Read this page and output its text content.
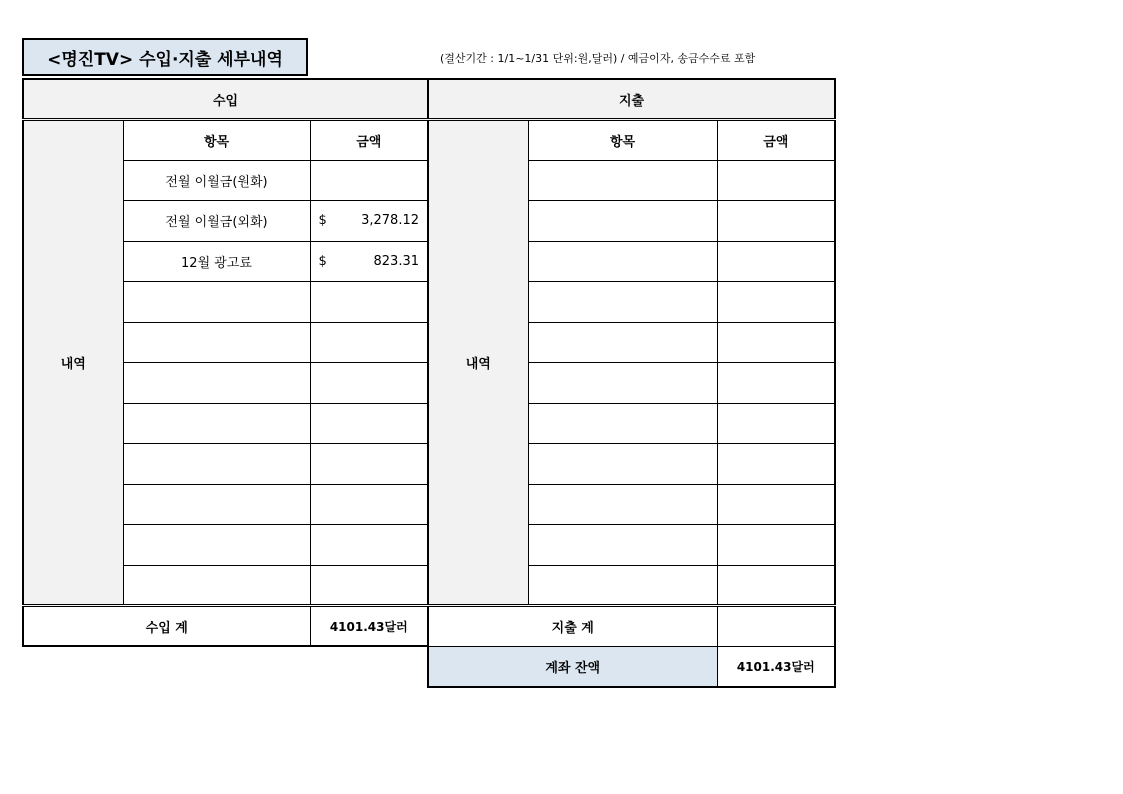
<명진TV> 수입·지출 세부내역	(결산기간 : 1/1~1/31 단위:원,달러) / 예금이자, 송금수수료 포함
수입			지출		
내역	항목	금액	내역	항목	금액
	전월 이월금(원화)		

	전월 이월금(외화)	$ 3,278.12			

	12월 광고료	$ 823.31			

수입 계		4101.43달러	지출 계		
			계좌 잔액		4101.43달러
